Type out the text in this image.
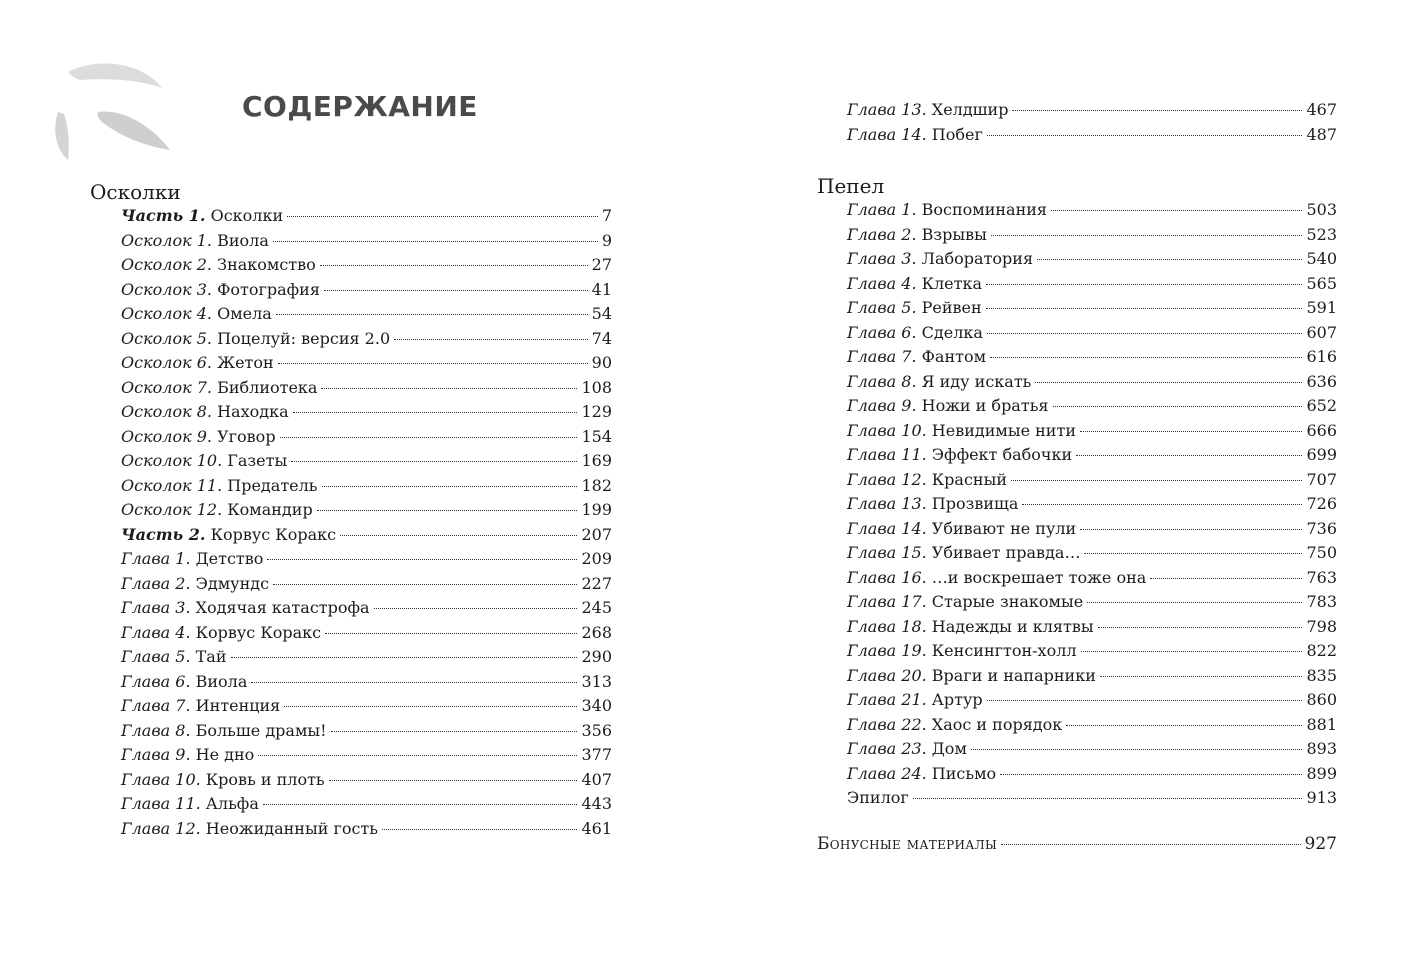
СОДЕРЖАНИЕ
Осколки
Часть 1. Осколки	7
Осколок 1. Виола	9
Осколок 2. Знакомство	27
Осколок 3. Фотография	41
Осколок 4. Омела	54
Осколок 5. Поцелуй: версия 2.0	74
Осколок 6. Жетон	90
Осколок 7. Библиотека	108
Осколок 8. Находка	129
Осколок 9. Уговор	154
Осколок 10. Газеты	169
Осколок 11. Предатель	182
Осколок 12. Командир	199
Часть 2. Корвус Коракс	207
Глава 1. Детство	209
Глава 2. Эдмундс	227
Глава 3. Ходячая катастрофа	245
Глава 4. Корвус Коракс	268
Глава 5. Тай	290
Глава 6. Виола	313
Глава 7. Интенция	340
Глава 8. Больше драмы!	356
Глава 9. Не дно	377
Глава 10. Кровь и плоть	407
Глава 11. Альфа	443
Глава 12. Неожиданный гость	461
Глава 13. Хелдшир	467
Глава 14. Побег	487
Пепел
Глава 1. Воспоминания	503
Глава 2. Взрывы	523
Глава 3. Лаборатория	540
Глава 4. Клетка	565
Глава 5. Рейвен	591
Глава 6. Сделка	607
Глава 7. Фантом	616
Глава 8. Я иду искать	636
Глава 9. Ножи и братья	652
Глава 10. Невидимые нити	666
Глава 11. Эффект бабочки	699
Глава 12. Красный	707
Глава 13. Прозвища	726
Глава 14. Убивают не пули	736
Глава 15. Убивает правда…	750
Глава 16. …и воскрешает тоже она	763
Глава 17. Старые знакомые	783
Глава 18. Надежды и клятвы	798
Глава 19. Кенсингтон-холл	822
Глава 20. Враги и напарники	835
Глава 21. Артур	860
Глава 22. Хаос и порядок	881
Глава 23. Дом	893
Глава 24. Письмо	899
Эпилог	913
Бонусные материалы	927
